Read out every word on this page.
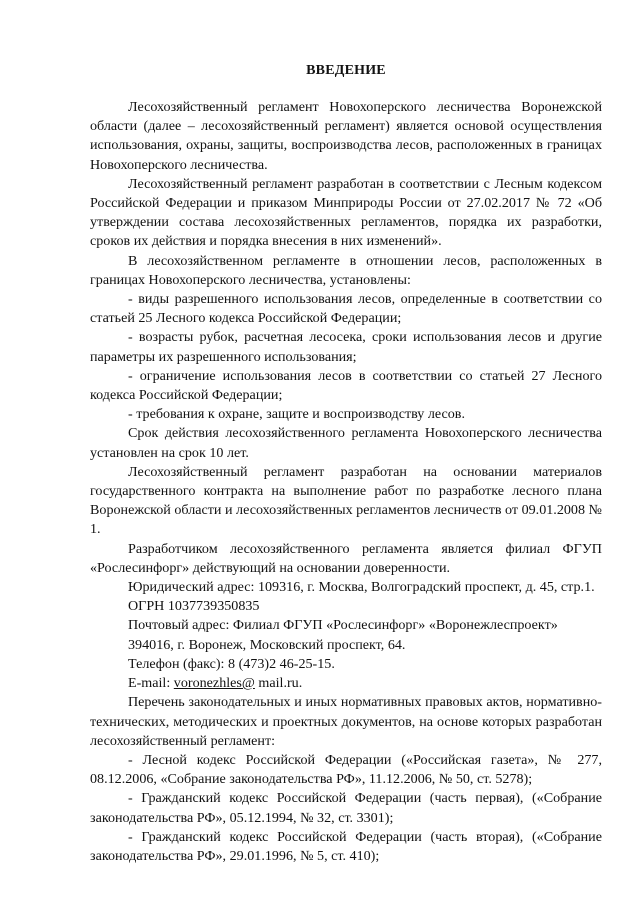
ВВЕДЕНИЕ

Лесохозяйственный регламент Новохоперского лесничества Воронежской области (далее – лесохозяйственный регламент) является основой осуществления использования, охраны, защиты, воспроизводства лесов, расположенных в границах Новохоперского лесничества.

Лесохозяйственный регламент разработан в соответствии с Лесным кодексом Российской Федерации и приказом Минприроды России от 27.02.2017 № 72 «Об утверждении состава лесохозяйственных регламентов, порядка их разработки, сроков их действия и порядка внесения в них изменений».

В лесохозяйственном регламенте в отношении лесов, расположенных в границах Новохоперского лесничества, установлены:

- виды разрешенного использования лесов, определенные в соответствии со статьей 25 Лесного кодекса Российской Федерации;

- возрасты рубок, расчетная лесосека, сроки использования лесов и другие параметры их разрешенного использования;

- ограничение использования лесов в соответствии со статьей 27 Лесного кодекса Российской Федерации;

- требования к охране, защите и воспроизводству лесов.

Срок действия лесохозяйственного регламента Новохоперского лесничества установлен на срок 10 лет.

Лесохозяйственный регламент разработан на основании материалов государственного контракта на выполнение работ по разработке лесного плана Воронежской области и лесохозяйственных регламентов лесничеств от 09.01.2008 № 1.

Разработчиком лесохозяйственного регламента является филиал ФГУП «Рослесинфорг» действующий на основании доверенности.

Юридический адрес: 109316, г. Москва, Волгоградский проспект, д. 45, стр.1.

ОГРН 1037739350835

Почтовый адрес: Филиал ФГУП «Рослесинфорг» «Воронежлеспроект»

394016, г. Воронеж, Московский проспект, 64.

Телефон (факс): 8 (473)2 46-25-15.

E-mail: voronezhles@ mail.ru.

Перечень законодательных и иных нормативных правовых актов, нормативно-технических, методических и проектных документов, на основе которых разработан лесохозяйственный регламент:

- Лесной кодекс Российской Федерации («Российская газета», № 277, 08.12.2006, «Собрание законодательства РФ», 11.12.2006, № 50, ст. 5278);

- Гражданский кодекс Российской Федерации (часть первая), («Собрание законодательства РФ», 05.12.1994, № 32, ст. 3301);

- Гражданский кодекс Российской Федерации (часть вторая), («Собрание законодательства РФ», 29.01.1996, № 5, ст. 410);
